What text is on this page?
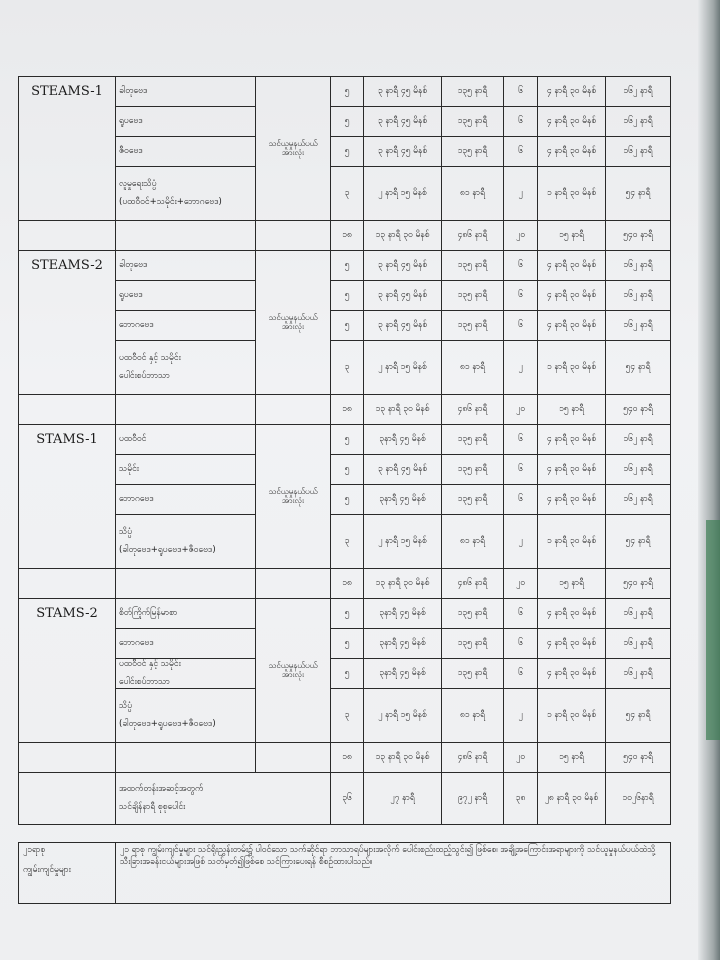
STEAMS-1	ခါတုဗေဒ	သင်ယူမှုနယ်ပယ်အားလုံး	၅	၃ နာရီ ၄၅ မိနစ်	၁၃၅ နာရီ	၆	၄ နာရီ ၃၀ မိနစ်	၁၆၂ နာရီ
	ရူပဗေဒ		၅	၃ နာရီ ၄၅ မိနစ်	၁၃၅ နာရီ	၆	၄ နာရီ ၃၀ မိနစ်	၁၆၂ နာရီ
	ဇီဝဗေဒ		၅	၃ နာရီ ၄၅ မိနစ်	၁၃၅ နာရီ	၆	၄ နာရီ ၃၀ မိနစ်	၁၆၂ နာရီ
	လူမှုရေးသိပ္ပံ
(ပထဝီဝင်+သမိုင်း+ဘောဂဗေဒ)		၃	၂ နာရီ ၁၅ မိနစ်	၈၁ နာရီ	၂	၁ နာရီ ၃၀ မိနစ်	၅၄ နာရီ
			၁၈	၁၃ နာရီ ၃၀ မိနစ်	၄၈၆ နာရီ	၂၀	၁၅ နာရီ	၅၄၀ နာရီ
STEAMS-2	ခါတုဗေဒ	သင်ယူမှုနယ်ပယ်အားလုံး	၅	၃ နာရီ ၄၅ မိနစ်	၁၃၅ နာရီ	၆	၄ နာရီ ၃၀ မိနစ်	၁၆၂ နာရီ
	ရူပဗေဒ		၅	၃ နာရီ ၄၅ မိနစ်	၁၃၅ နာရီ	၆	၄ နာရီ ၃၀ မိနစ်	၁၆၂ နာရီ
	ဘောဂဗေဒ		၅	၃ နာရီ ၄၅ မိနစ်	၁၃၅ နာရီ	၆	၄ နာရီ ၃၀ မိနစ်	၁၆၂ နာရီ
	ပထဝီဝင် နှင့် သမိုင်း
ပေါင်းစပ်ဘာသာ		၃	၂ နာရီ ၁၅ မိနစ်	၈၁ နာရီ	၂	၁ နာရီ ၃၀ မိနစ်	၅၄ နာရီ
			၁၈	၁၃ နာရီ ၃၀ မိနစ်	၄၈၆ နာရီ	၂၀	၁၅ နာရီ	၅၄၀ နာရီ
STAMS-1	ပထဝီဝင်	သင်ယူမှုနယ်ပယ်အားလုံး	၅	၃နာရီ ၄၅ မိနစ်	၁၃၅ နာရီ	၆	၄ နာရီ ၃၀ မိနစ်	၁၆၂ နာရီ
	သမိုင်း		၅	၃ နာရီ ၄၅ မိနစ်	၁၃၅ နာရီ	၆	၄ နာရီ ၃၀ မိနစ်	၁၆၂ နာရီ
	ဘောဂဗေဒ		၅	၃နာရီ ၄၅ မိနစ်	၁၃၅ နာရီ	၆	၄ နာရီ ၃၀ မိနစ်	၁၆၂ နာရီ
	သိပ္ပံ
(ခါတုဗေဒ+ရူပဗေဒ+ဇီဝဗေဒ)		၃	၂ နာရီ ၁၅ မိနစ်	၈၁ နာရီ	၂	၁ နာရီ ၃၀ မိနစ်	၅၄ နာရီ
			၁၈	၁၃ နာရီ ၃၀ မိနစ်	၄၈၆ နာရီ	၂၀	၁၅ နာရီ	၅၄၀ နာရီ
STAMS-2	စိတ်ကြိုက်မြန်မာစာ	သင်ယူမှုနယ်ပယ်အားလုံး	၅	၃နာရီ ၄၅ မိနစ်	၁၃၅ နာရီ	၆	၄ နာရီ ၃၀ မိနစ်	၁၆၂ နာရီ
	ဘောဂဗေဒ		၅	၃နာရီ ၄၅ မိနစ်	၁၃၅ နာရီ	၆	၄ နာရီ ၃၀ မိနစ်	၁၆၂ နာရီ
	ပထဝီဝင် နှင့် သမိုင်း
ပေါင်းစပ်ဘာသာ		၅	၃နာရီ ၄၅ မိနစ်	၁၃၅ နာရီ	၆	၄ နာရီ ၃၀ မိနစ်	၁၆၂ နာရီ
	သိပ္ပံ
(ခါတုဗေဒ+ရူပဗေဒ+ဇီဝဗေဒ)		၃	၂ နာရီ ၁၅ မိနစ်	၈၁ နာရီ	၂	၁ နာရီ ၃၀ မိနစ်	၅၄ နာရီ
			၁၈	၁၃ နာရီ ၃၀ မိနစ်	၄၈၆ နာရီ	၂၀	၁၅ နာရီ	၅၄၀ နာရီ
	အထက်တန်းအဆင့်အတွက်
သင်ချိန်နာရီ စုစုပေါင်း		၃၆	၂၇ နာရီ	၉၇၂ နာရီ	၃၈	၂၈ နာရီ ၃၀ မိနစ်	၁၀၂၆နာရီ
၂၁ရာစု
ကျွမ်းကျင်မှုများ
	၂၁ ရာစု ကျွမ်းကျင်မှုများ သင်ရိုးညွှန်းတမ်း၌ ပါဝင်သော သက်ဆိုင်ရာ ဘာသာရပ်များအလိုက် ပေါင်းစည်းထည့်သွင်း၍ ဖြစ်စေ၊ အချို့အကြောင်းအရာများကို သင်ယူမှုနယ်ပယ်ထဲသို့ သီးခြားအခန်းငယ်များအဖြစ် သတ်မှတ်၍ဖြစ်စေ သင်ကြားပေးရန် စီစဉ်ထားပါသည်။
